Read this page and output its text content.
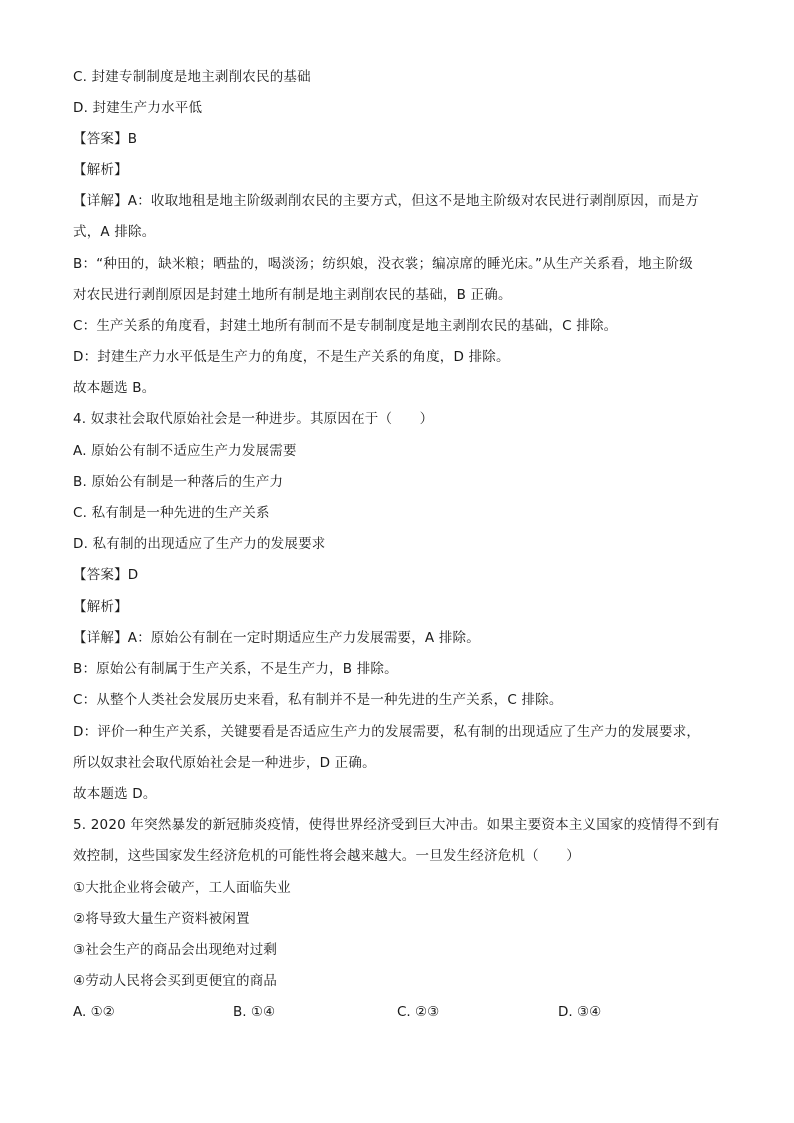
C. 封建专制制度是地主剥削农民的基础
D. 封建生产力水平低
【答案】B
【解析】
【详解】A：收取地租是地主阶级剥削农民的主要方式，但这不是地主阶级对农民进行剥削原因，而是方
式，A 排除。
B：“种田的，缺米粮；晒盐的，喝淡汤；纺织娘，没衣裳；编凉席的睡光床。”从生产关系看，地主阶级
对农民进行剥削原因是封建土地所有制是地主剥削农民的基础，B 正确。
C：生产关系的角度看，封建土地所有制而不是专制制度是地主剥削农民的基础，C 排除。
D：封建生产力水平低是生产力的角度，不是生产关系的角度，D 排除。
故本题选 B。
4. 奴隶社会取代原始社会是一种进步。其原因在于（　　）
A. 原始公有制不适应生产力发展需要
B. 原始公有制是一种落后的生产力
C. 私有制是一种先进的生产关系
D. 私有制的出现适应了生产力的发展要求
【答案】D
【解析】
【详解】A：原始公有制在一定时期适应生产力发展需要，A 排除。
B：原始公有制属于生产关系，不是生产力，B 排除。
C：从整个人类社会发展历史来看，私有制并不是一种先进的生产关系，C 排除。
D：评价一种生产关系，关键要看是否适应生产力的发展需要，私有制的出现适应了生产力的发展要求，
所以奴隶社会取代原始社会是一种进步，D 正确。
故本题选 D。
5. 2020 年突然暴发的新冠肺炎疫情，使得世界经济受到巨大冲击。如果主要资本主义国家的疫情得不到有
效控制，这些国家发生经济危机的可能性将会越来越大。一旦发生经济危机（　　）
①大批企业将会破产，工人面临失业
②将导致大量生产资料被闲置
③社会生产的商品会出现绝对过剩
④劳动人民将会买到更便宜的商品
A. ①②	B. ①④	C. ②③	D. ③④
